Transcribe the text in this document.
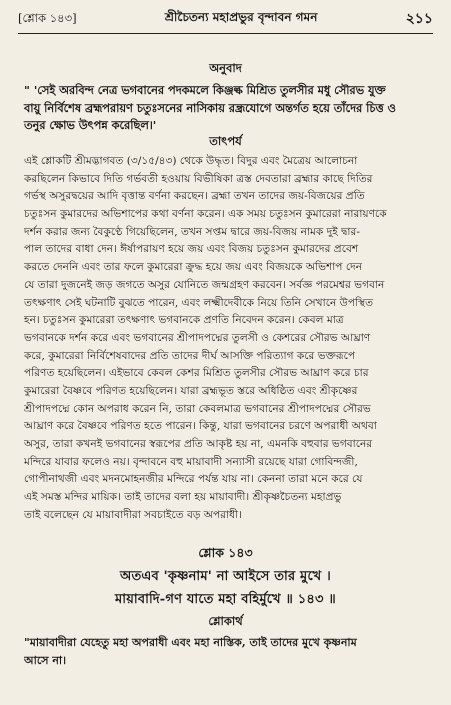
[শ্লোক ১৪৩]	শ্রীচৈতন্য মহাপ্রভুর বৃন্দাবন গমন	২১১
অনুবাদ
" 'সেই অরবিন্দ নেত্র ভগবানের পদকমলে কিঞ্জল্ক মিশ্রিত তুলসীর মধু সৌরভ যুক্ত
বায়ু নির্বিশেষ ব্রহ্মপরায়ণ চতুঃসনের নাসিকায় রন্ধ্রযোগে অন্তর্গত হয়ে তাঁদের চিত্ত ও
তনুর ক্ষোভ উৎপন্ন করেছিল।'
তাৎপর্য
এই শ্লোকটি শ্রীমদ্ভাগবত (৩/১৫/৪৩) থেকে উদ্ধৃত। বিদুর এবং মৈত্রেয় আলোচনা
করছিলেন কিভাবে দিতি গর্ভবতী হওয়ায় বিভীষিকা ত্রস্ত দেবতারা ব্রহ্মার কাছে দিতির
গর্ভস্থ অসুরদ্বয়ের আদি বৃত্তান্ত বর্ণনা করছেন। ব্রহ্মা তখন তাদের জয়-বিজয়ের প্রতি
চতুঃসন কুমারদের অভিশাপের কথা বর্ণনা করেন। এক সময় চতুঃসন কুমারেরা নারায়ণকে
দর্শন করার জন্য বৈকুণ্ঠে গিয়েছিলেন, তখন সপ্তম দ্বারে জয়-বিজয় নামক দুই দ্বার-
পাল তাদের বাধা দেন। ঈর্ষাপরায়ণ হয়ে জয় এবং বিজয় চতুঃসন কুমারদের প্রবেশ
করতে দেননি এবং তার ফলে কুমারেরা ক্রুদ্ধ হয়ে জয় এবং বিজয়কে অভিশাপ দেন
যে তারা দুজনেই জড় জগতে অসুর যোনিতে জন্মগ্রহণ করবেন। সর্বজ্ঞ পরমেশ্বর ভগবান
তৎক্ষণাৎ সেই ঘটনাটি বুঝতে পারেন, এবং লক্ষ্মীদেবীকে নিয়ে তিনি সেখানে উপস্থিত
হন। চতুঃসন কুমারেরা তৎক্ষণাৎ ভগবানকে প্রণতি নিবেদন করেন। কেবল মাত্র
ভগবানকে দর্শন করে এবং ভগবানের শ্রীপাদপদ্মের তুলসী ও কেশরের সৌরভ আঘ্রাণ
করে, কুমারেরা নির্বিশেষবাদের প্রতি তাদের দীর্ঘ আসক্তি পরিত্যাগ করে ভক্তরূপে
পরিণত হয়েছিলেন। এইভাবে কেবল কেশর মিশ্রিত তুলসীর সৌরভ আঘ্রাণ করে চার
কুমারেরা বৈষ্ণবে পরিণত হয়েছিলেন। যারা ব্রহ্মভূত স্তরে অধিষ্ঠিত এবং শ্রীকৃষ্ণের
শ্রীপাদপদ্মে কোন অপরাধ করেন নি, তারা কেবলমাত্র ভগবানের শ্রীপাদপদ্মের সৌরভ
আঘ্রাণ করে বৈষ্ণবে পরিণত হতে পারেন। কিন্তু, যারা ভগবানের চরণে অপরাধী অথবা
অসুর, তারা কখনই ভগবানের স্বরূপের প্রতি আকৃষ্ট হয় না, এমনকি বহুবার ভগবানের
মন্দিরে যাবার ফলেও নয়। বৃন্দাবনে বহু মায়াবাদী সন্যাসী রয়েছে যারা গোবিন্দজী,
গোপীনাথজী এবং মদনমোহনজীর মন্দিরে পর্যন্ত যায় না। কেননা তারা মনে করে যে
এই সমস্ত মন্দির মায়িক। তাই তাদের বলা হয় মায়াবাদী। শ্রীকৃষ্ণচৈতন্য মহাপ্রভু
তাই বলেছেন যে মায়াবাদীরা সবচাইতে বড় অপরাধী।
শ্লোক ১৪৩
অতএব 'কৃষ্ণনাম' না আইসে তার মুখে ।
মায়াবাদি-গণ যাতে মহা বহির্মুখে ॥ ১৪৩ ॥
শ্লোকার্থ
"মায়াবাদীরা যেহেতু মহা অপরাধী এবং মহা নাস্তিক, তাই তাদের মুখে কৃষ্ণনাম
আসে না।
